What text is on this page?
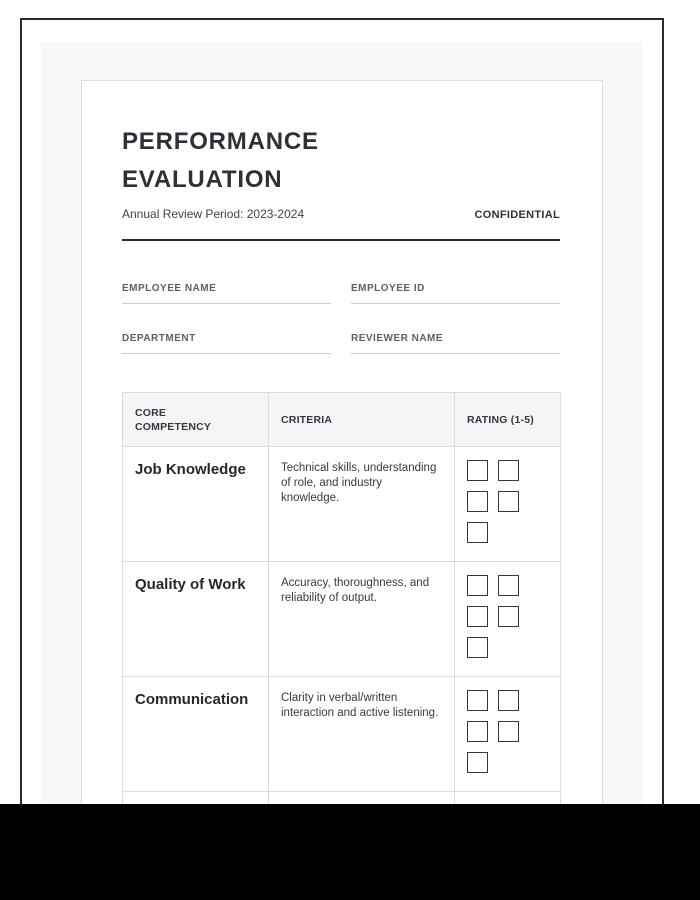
PERFORMANCE EVALUATION
Annual Review Period: 2023-2024	CONFIDENTIAL
EMPLOYEE NAME	EMPLOYEE ID
DEPARTMENT	REVIEWER NAME
CORE COMPETENCY	CRITERIA	RATING (1-5)
Job Knowledge	Technical skills, understanding of role, and industry knowledge.	
Quality of Work	Accuracy, thoroughness, and reliability of output.	
Communication	Clarity in verbal/written interaction and active listening.	
